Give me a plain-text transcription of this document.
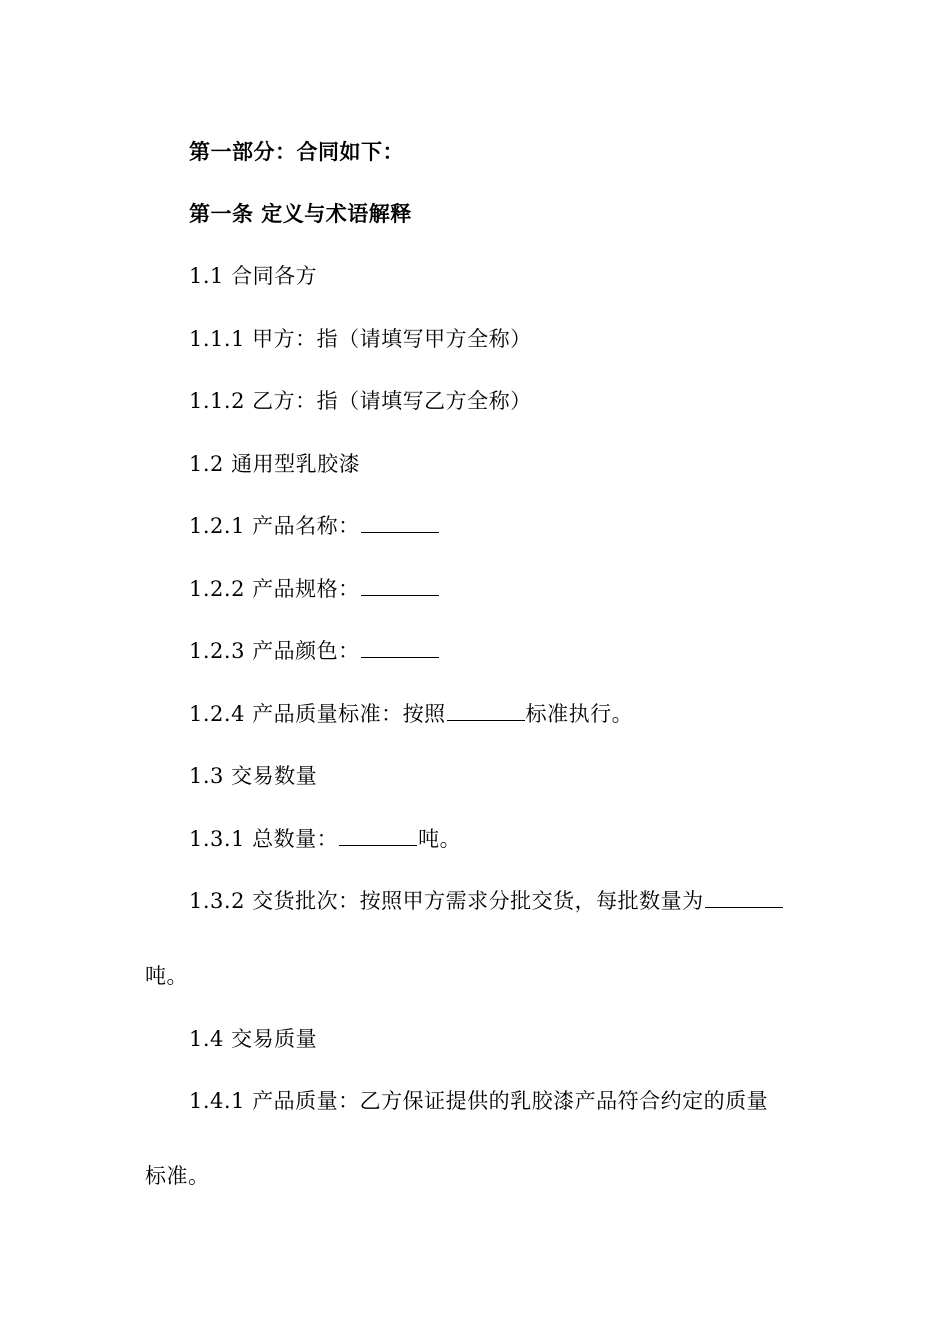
第一部分：合同如下：
第一条 定义与术语解释
1.1 合同各方
1.1.1 甲方：指（请填写甲方全称）
1.1.2 乙方：指（请填写乙方全称）
1.2 通用型乳胶漆
1.2.1 产品名称：
1.2.2 产品规格：
1.2.3 产品颜色：
1.2.4 产品质量标准：按照	标准执行。
1.3 交易数量
1.3.1 总数量：	吨。
1.3.2 交货批次：按照甲方需求分批交货，每批数量为
吨。
1.4 交易质量
1.4.1 产品质量：乙方保证提供的乳胶漆产品符合约定的质量
标准。
